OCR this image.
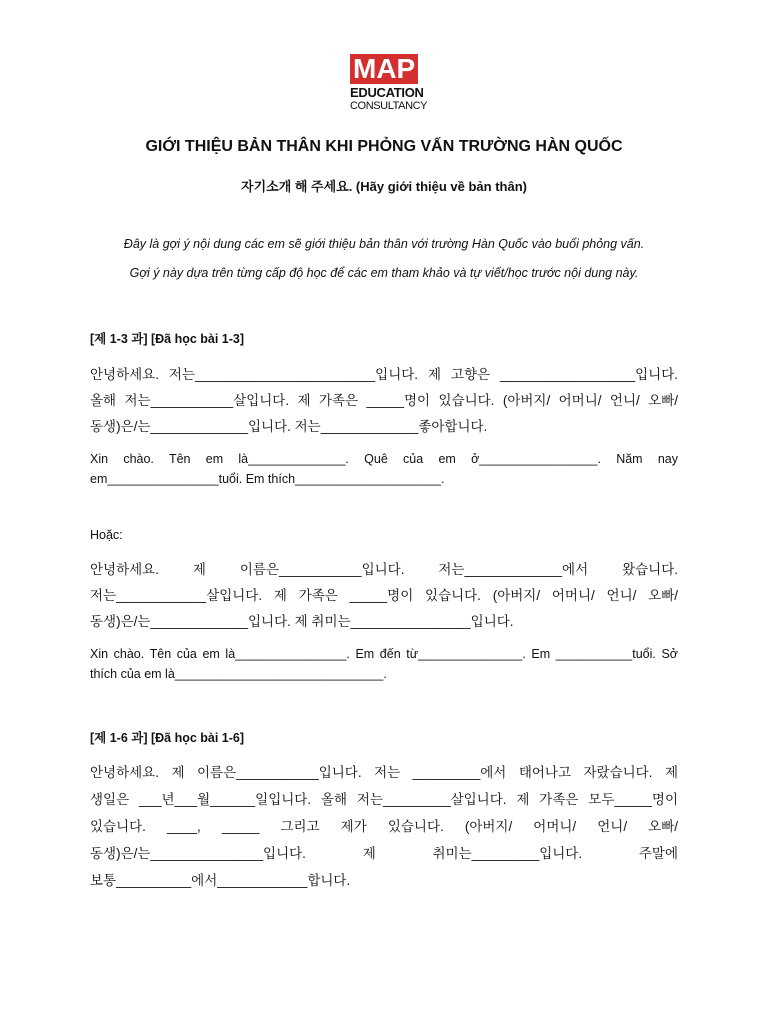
MAP
EDUCATION
CONSULTANCY
GIỚI THIỆU BẢN THÂN KHI PHỎNG VẤN TRƯỜNG HÀN QUỐC
자기소개 해 주세요. (Hãy giới thiệu về bản thân)
Đây là gợi ý nội dung các em sẽ giới thiệu bản thân với trường Hàn Quốc vào buổi phỏng vấn.
Gợi ý này dựa trên từng cấp độ học để các em tham khảo và tự viết/học trước nội dung này.
[제 1-3 과] [Đã học bài 1-3]
안녕하세요. 저는________________________입니다. 제 고향은 __________________입니다.
올해 저는___________살입니다. 제 가족은 _____명이 있습니다. (아버지/ 어머니/ 언니/ 오빠/
동생)은/는_____________입니다. 저는_____________좋아합니다.
Xin chào. Tên em là______________. Quê của em ở_________________. Năm nay
em________________tuổi. Em thích_____________________.
Hoặc:
안녕하세요. 제 이름은___________입니다. 저는_____________에서 왔습니다.
저는____________살입니다. 제 가족은 _____명이 있습니다. (아버지/ 어머니/ 언니/ 오빠/
동생)은/는_____________입니다. 제 취미는________________입니다.
Xin chào. Tên của em là________________. Em đến từ_______________. Em ___________tuổi. Sở
thích của em là______________________________.
[제 1-6 과] [Đã học bài 1-6]
안녕하세요. 제 이름은___________입니다. 저는 _________에서 태어나고 자랐습니다. 제
생일은 ___년___월______일입니다. 올해 저는_________살입니다. 제 가족은 모두_____명이
있습니다. ____, _____ 그리고 제가 있습니다. (아버지/ 어머니/ 언니/ 오빠/
동생)은/는_______________입니다. 제 취미는_________입니다. 주말에
보통__________에서____________합니다.
